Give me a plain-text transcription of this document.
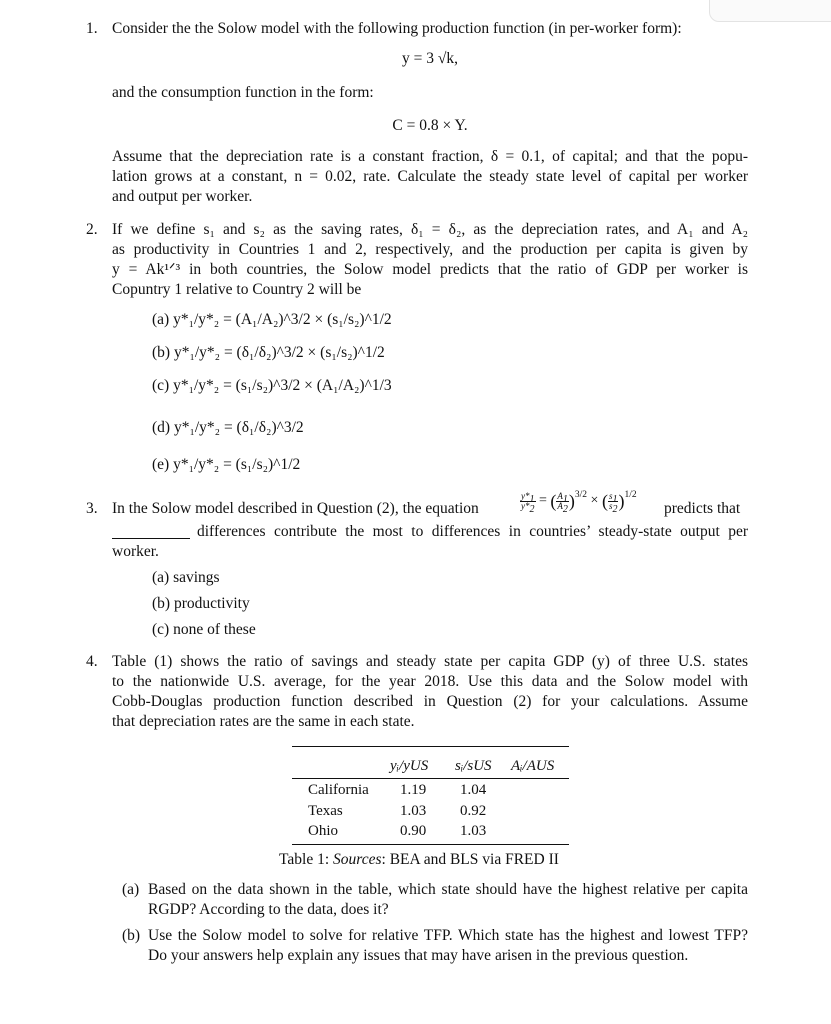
1. Consider the the Solow model with the following production function (in per-worker form):
y = 3 √k,
and the consumption function in the form:
C = 0.8 × Y.
Assume that the depreciation rate is a constant fraction, δ = 0.1, of capital; and that the popu-
lation grows at a constant, n = 0.02, rate. Calculate the steady state level of capital per worker
and output per worker.
2. If we define s₁ and s₂ as the saving rates, δ₁ = δ₂, as the depreciation rates, and A₁ and A₂
as productivity in Countries 1 and 2, respectively, and the production per capita is given by
y = Ak¹ᐟ³ in both countries, the Solow model predicts that the ratio of GDP per worker is
Copuntry 1 relative to Country 2 will be
(a) y*₁/y*₂ = (A₁/A₂)^3/2 × (s₁/s₂)^1/2
(b) y*₁/y*₂ = (δ₁/δ₂)^3/2 × (s₁/s₂)^1/2
(c) y*₁/y*₂ = (s₁/s₂)^3/2 × (A₁/A₂)^1/3
(d) y*₁/y*₂ = (δ₁/δ₂)^3/2
(e) y*₁/y*₂ = (s₁/s₂)^1/2
3. In the Solow model described in Question (2), the equation	$\frac{y*_1}{y*_2}$ = ( $\frac{A_1}{A_2} )^{3/2}$ × ( $\frac{s_1}{s_2} )^{1/2}$
predicts that
differences contribute the most to differences in countries’ steady-state output per
worker.
(a) savings
(b) productivity
(c) none of these
4. Table (1) shows the ratio of savings and steady state per capita GDP (y) of three U.S. states
to the nationwide U.S. average, for the year 2018. Use this data and the Solow model with
Cobb-Douglas production function described in Question (2) for your calculations. Assume
that depreciation rates are the same in each state.
yᵢ/yUS sᵢ/sUS Aᵢ/AUS
California 1.19 1.04
Texas	1.03 0.92
Ohio	0.90 1.03
Table 1: Sources: BEA and BLS via FRED II
(a) Based on the data shown in the table, which state should have the highest relative per capita
RGDP? According to the data, does it?
(b) Use the Solow model to solve for relative TFP. Which state has the highest and lowest TFP?
Do your answers help explain any issues that may have arisen in the previous question.
